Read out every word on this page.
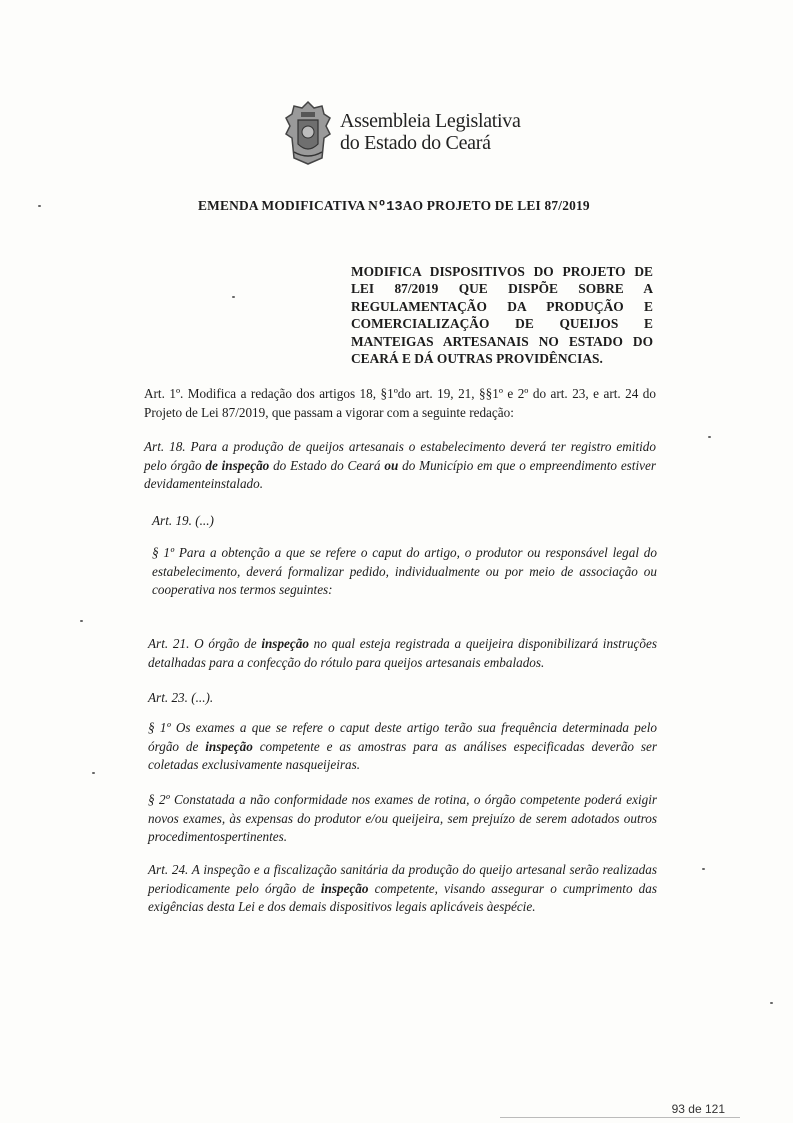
Assembleia Legislativa
do Estado do Ceará
EMENDA MODIFICATIVA Nº13AO PROJETO DE LEI 87/2019
MODIFICA DISPOSITIVOS DO PROJETO DE LEI 87/2019 QUE DISPÕE SOBRE A REGULAMENTAÇÃO DA PRODUÇÃO E COMERCIALIZAÇÃO DE QUEIJOS E MANTEIGAS ARTESANAIS NO ESTADO DO CEARÁ E DÁ OUTRAS PROVIDÊNCIAS.
Art. 1º. Modifica a redação dos artigos 18, §1ºdo art. 19, 21, §§1º e 2º do art. 23, e art. 24 do Projeto de Lei 87/2019, que passam a vigorar com a seguinte redação:
Art. 18. Para a produção de queijos artesanais o estabelecimento deverá ter registro emitido pelo órgão de inspeção do Estado do Ceará ou do Município em que o empreendimento estiver devidamenteinstalado.
Art. 19. (...)
§ 1º Para a obtenção a que se refere o caput do artigo, o produtor ou responsável legal do estabelecimento, deverá formalizar pedido, individualmente ou por meio de associação ou cooperativa nos termos seguintes:
Art. 21. O órgão de inspeção no qual esteja registrada a queijeira disponibilizará instruções detalhadas para a confecção do rótulo para queijos artesanais embalados.
Art. 23. (...).
§ 1º Os exames a que se refere o caput deste artigo terão sua frequência determinada pelo órgão de inspeção competente e as amostras para as análises especificadas deverão ser coletadas exclusivamente nasqueijeiras.
§ 2º Constatada a não conformidade nos exames de rotina, o órgão competente poderá exigir novos exames, às expensas do produtor e/ou queijeira, sem prejuízo de serem adotados outros procedimentospertinentes.
Art. 24. A inspeção e a fiscalização sanitária da produção do queijo artesanal serão realizadas periodicamente pelo órgão de inspeção competente, visando assegurar o cumprimento das exigências desta Lei e dos demais dispositivos legais aplicáveis àespécie.
93 de 121
